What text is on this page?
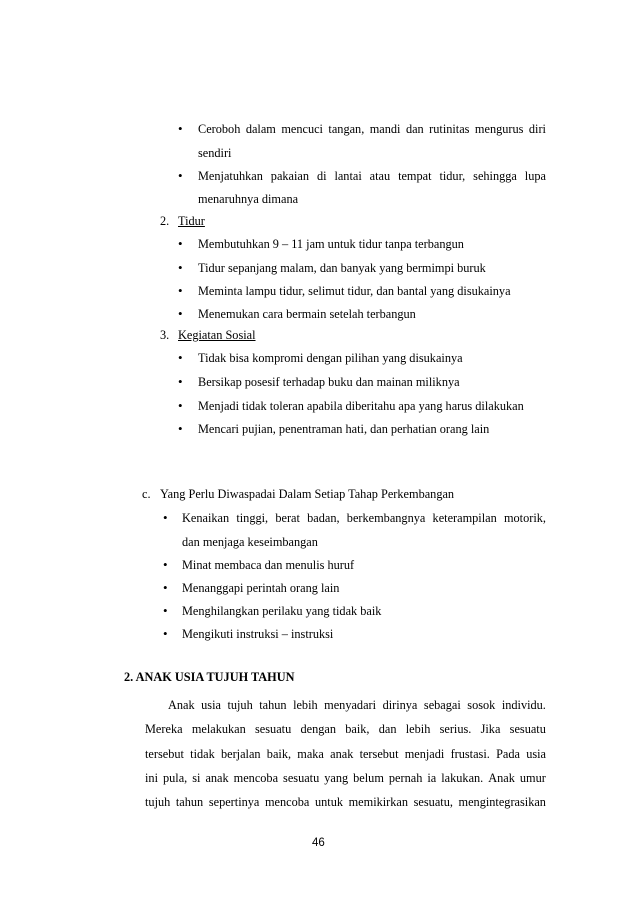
• Ceroboh dalam mencuci tangan, mandi dan rutinitas mengurus diri
sendiri
• Menjatuhkan pakaian di lantai atau tempat tidur, sehingga lupa
menaruhnya dimana
2. Tidur
• Membutuhkan 9 – 11 jam untuk tidur tanpa terbangun
• Tidur sepanjang malam, dan banyak yang bermimpi buruk
• Meminta lampu tidur, selimut tidur, dan bantal yang disukainya
• Menemukan cara bermain setelah terbangun
3. Kegiatan Sosial
• Tidak bisa kompromi dengan pilihan yang disukainya
• Bersikap posesif terhadap buku dan mainan miliknya
• Menjadi tidak toleran apabila diberitahu apa yang harus dilakukan
• Mencari pujian, penentraman hati, dan perhatian orang lain
c. Yang Perlu Diwaspadai Dalam Setiap Tahap Perkembangan
• Kenaikan tinggi, berat badan, berkembangnya keterampilan motorik,
dan menjaga keseimbangan
• Minat membaca dan menulis huruf
• Menanggapi perintah orang lain
• Menghilangkan perilaku yang tidak baik
• Mengikuti instruksi – instruksi
2. ANAK USIA TUJUH TAHUN
Anak usia tujuh tahun lebih menyadari dirinya sebagai sosok individu.
Mereka melakukan sesuatu dengan baik, dan lebih serius. Jika sesuatu
tersebut tidak berjalan baik, maka anak tersebut menjadi frustasi. Pada usia
ini pula, si anak mencoba sesuatu yang belum pernah ia lakukan. Anak umur
tujuh tahun sepertinya mencoba untuk memikirkan sesuatu, mengintegrasikan
46
